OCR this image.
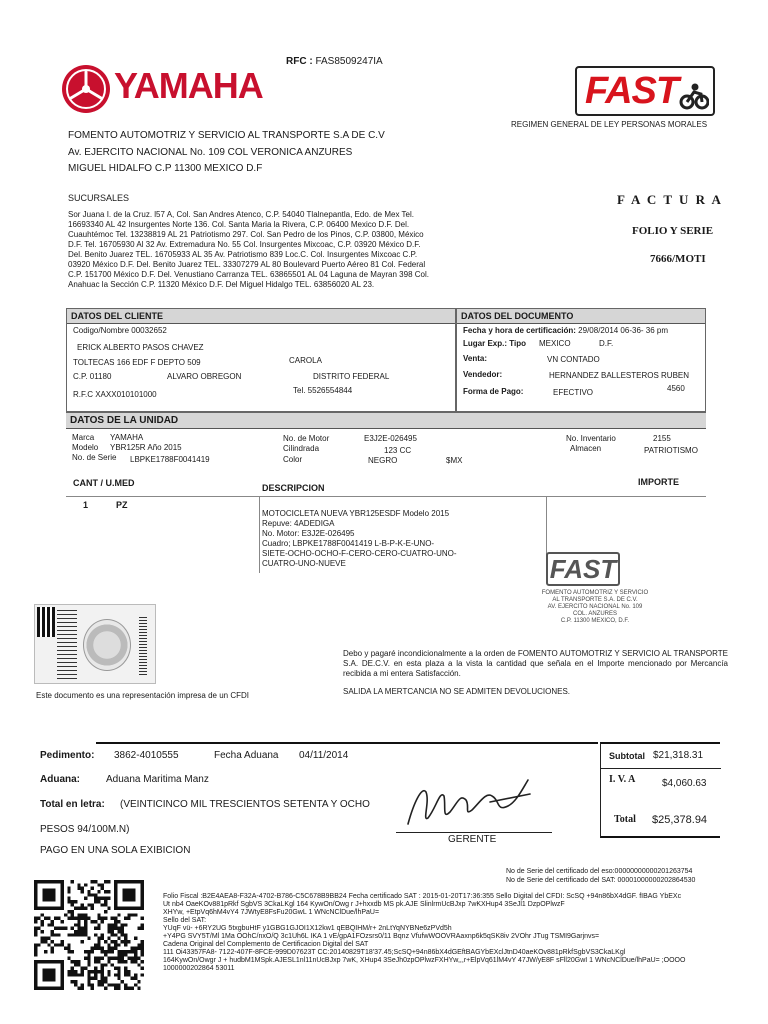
YAMAHA
RFC : FAS8509247IA
FAST
REGIMEN GENERAL DE LEY PERSONAS MORALES
FOMENTO AUTOMOTRIZ Y SERVICIO AL TRANSPORTE S.A DE C.V
Av. EJERCITO NACIONAL No. 109 COL VERONICA ANZURES
MIGUEL HIDALFO C.P 11300 MEXICO D.F
SUCURSALES
Sor Juana I. de la Cruz. l57 A, Col. San Andres Atenco, C.P. 54040 Tlalnepantla, Edo. de Mex Tel.
16693340 AL 42 Insurgentes Norte 136. Col. Santa Maria la Rivera, C.P. 06400 Mexico D.F. Del.
Cuauhtémoc Tel. 13238819 AL 21 Patriotismo 297. Col. San Pedro de los Pinos, C.P. 03800, México
D.F. Tel. 16705930 Al 32 Av. Extremadura No. 55 Col. Insurgentes Mixcoac, C.P. 03920 México D.F.
Del. Benito Juarez TEL. 16705933 AL 35 Av. Patriotismo 839 Loc.C. Col. Insurgentes Mixcoac C.P.
03920 México D.F. Del. Benito Juarez TEL. 33307279 AL 80 Boulevard Puerto Aéreo 81 Col. Federal
C.P. 151700 México D.F. Del. Venustiano Carranza TEL. 63865501 AL 04 Laguna de Mayran 398 Col.
Anahuac la Sección C.P. 11320 México D.F. Del Miguel Hidalgo TEL. 63856020 AL 23.
F A C T U R A
FOLIO Y SERIE
7666/MOTI
DATOS DEL CLIENTE
Codigo/Nombre 00032652
ERICK ALBERTO PASOS CHAVEZ
TOLTECAS 166 EDF F DEPTO 509	CAROLA
C.P. 01180	ALVARO OBREGON	DISTRITO FEDERAL
R.F.C XAXX010101000	Tel. 5526554844
DATOS DEL DOCUMENTO
Fecha y hora de certificación: 29/08/2014 06-36- 36 pm
Lugar Exp.: Tipo MEXICO	D.F.
Venta:	VN CONTADO
Vendedor:	HERNANDEZ BALLESTEROS RUBEN
Forma de Pago:	EFECTIVO	4560
DATOS DE LA UNIDAD
Marca YAMAHA
Modelo YBR125R Año 2015
No. de Serie LBPKE1788F0041419
No. de Motor	E3J2E-026495
Cilindrada	123 CC
Color	NEGRO	$MX
No. Inventario	2155
Almacen	PATRIOTISMO
CANT / U.MED	DESCRIPCION
IMPORTE
1	PZ
MOTOCICLETA NUEVA YBR125ESDF Modelo 2015
Repuve: 4ADEDIGA
No. Motor: E3J2E-026495
Cuadro; LBPKE1788F0041419 L-B-P-K-E-UNO-
SIETE-OCHO-OCHO-F-CERO-CERO-CUATRO-UNO-
CUATRO-UNO-NUEVE	FAST
FOMENTO AUTOMOTRIZ Y SERVICIO
AL TRANSPORTE S.A. DE C.V.
AV. EJERCITO NACIONAL No. 109
COL. ANZURES
C.P. 11300 MEXICO, D.F.
Este documento es una representación impresa de un CFDI
Debo y pagaré incondicionalmente a la orden de FOMENTO AUTOMOTRIZ Y SERVICIO AL TRANSPORTE S.A. DE.C.V. en esta plaza a la vista la cantidad que señala en el Importe mencionado por Mercancía recibida a mi entera Satisfacción.
SALIDA LA MERTCANCIA NO SE ADMITEN DEVOLUCIONES.
Pedimento: 3862-4010555	Fecha Aduana 04/11/2014
Aduana:	Aduana Maritima Manz
Total en letra: (VEINTICINCO MIL TRESCIENTOS SETENTA Y OCHO
PESOS 94/100M.N)
PAGO EN UNA SOLA EXIBICION
GERENTE
Subtotal $21,318.31
I. V. A	$4,060.63
Total $25,378.94
No de Serie del certificado del eso:00000000000201263754
No de Serie del certificado del SAT: 00001000000202864530
Folio Fiscal :B2E4AEA8-F32A-4702-B786-C5C678B9BB24 Fecha certificado SAT : 2015-01-20T17:36:355 Sello Digital del CFDI: ScSQ +94n86bX4dGF. fIBAG YbEXc
Ut nb4 OaeKOv881pRkf SgbVS 3CkaLKgl 164 KywOn/Owg r J+hxxdb MS pk.AJE SlinlrmUcBJxp 7wKXHup4 3SeJl1 DzpOPlwzF
XHYw, +EtpVq6hM4vY4 7JWtyE8FsFu20GwL 1 WNcNClDue/lhPaU=
Sello del SAT:
YUqF vü- +6RY2UG 5txgbuHtF y1GBG1GJOI1X12kw1 qEBQIHM/r+ 2nLtYqNYBNe6zPVd5h
+Y4PG SVY5T/Ml 1Ma OOhC/nxO/Q 3c1Uh6L IKA 1 vE/gpA1FOzsrs0/11 Bqnz VfufwWOOVRAaxnp6k5qSK8iv 2VOhr JTug TSMI9Garjnvs=
Cadena Original del Complemento de Certificacion Digital del SAT
111 Oi43357FA8- 7122-407F-8FCE-999D07623T CC:20140829T18'37.45;ScSQ+94n86bX4dGEftBAGYbEXclJtnD40aeKOv881pRkfSgbVS3CkaLKgl
164KywOn/Owgr J + hudbM1MSpk.AJESL1nl11nUcBJxp 7wK, XHup4 3SeJh0zpOPlwzFXHYw,,,r+ElpVq61lM4vY 47JW/yE8F sFll20GwI 1 WNcNClDue/lhPaU= ;OOOO
1000000202864 53011
